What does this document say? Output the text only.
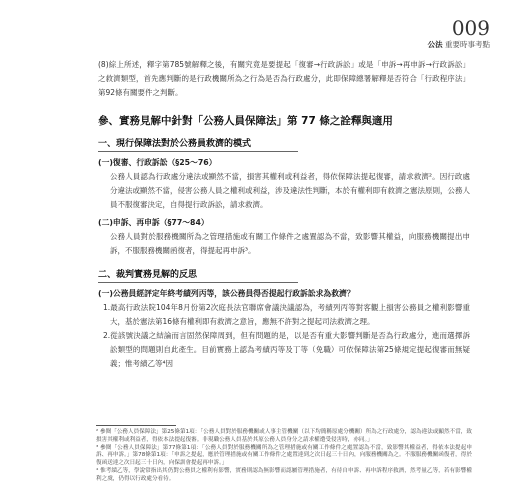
009
公法 重要時事考點

(8)綜上所述，釋字第785號解釋之後，有關究竟是要提起「復審→行政訴訟」或是「申訴→再申訴→行政訴訟」之救濟類型，首先應判斷的是行政機關所為之行為是否為行政處分，此即保障總署解釋是否符合「行政程序法」第92條有關要件之判斷。

參、實務見解中針對「公務人員保障法」第 77 條之詮釋與適用
一、現行保障法對於公務員救濟的模式
(一)復審、行政訴訟（§25～76）

公務人員認為行政處分違法或顯然不當，損害其權利或利益者，得依保障法提起復審，請求救濟²。因行政處分違法或顯然不當，侵害公務人員之權利或利益，涉及違法性判斷，本於有權利即有救濟之憲法原則，公務人員不服復審決定，自得提行政訴訟，請求救濟。

(二)申訴、再申訴（§77～84）

公務人員對於服務機關所為之管理措施或有關工作條件之處置認為不當，致影響其權益，向服務機關提出申訴，不服服務機關函復者，得提起再申訴³。

二、裁判實務見解的反思
(一)公務員經評定年終考績列丙等，該公務員得否提起行政訴訟求為救濟？

1.最高行政法院104年8月份第2次庭長法官聯席會議決議認為，考績列丙等對客觀上損害公務員之權利影響重大，基於憲法第16條有權利即有救濟之意旨，應無不許對之提起司法救濟之理。

2.從該號決議之結論而言固然保障周到，但有問題的是，以是否有重大影響判斷是否為行政處分，進而選擇訴訟類型的問題則自此產生。目前實務上認為考績丙等及丁等（免職）可依保障法第25條規定提起復審而無疑義；惟考績乙等⁴因

² 參閱「公務人員保障法」第25條第1項：「公務人員對於服務機關或人事主管機關（以下均簡稱原處分機關）所為之行政處分，認為違法或顯然不當，致損害其權利或利益者，得依本法提起復審。非現職公務人員基於其原公務人員身分之請求權遭受侵害時，亦同。」

³ 參閱「公務人員保障法」第77條第1項：「公務人員對於服務機關所為之管理措施或有關工作條件之處置認為不當，致影響其權益者，得依本法提起申訴、再申訴。」第78條第1項：「申訴之提起，應於管理措施或有關工作條件之處置達到之次日起三十日內，向服務機關為之。不服服務機關函復者，得於復函送達之次日起三十日內，向保訓會提起再申訴。」

⁴ 惟考績乙等，學說常指出其仍對公務員之權利有影響，實務則認為無影響而認屬管理措施者，有待自申訴、再申訴程序救濟，然考量乙等，若有影響權利之虞，仍得以行政處分看待。
